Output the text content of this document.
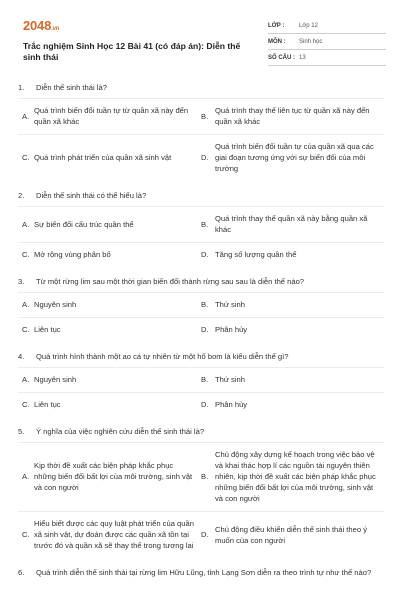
2048.vn
Trắc nghiệm Sinh Học 12 Bài 41 (có đáp án): Diễn thế sinh thái
LỚP :	Lớp 12
MÔN :	Sinh học
SỐ CÂU : 13
1.	Diễn thế sinh thái là?
A.
Quá trình biến đổi tuần tự từ quần xã này đến quần xã khác
B.
Quá trình thay thế liên tục từ quần xã này đến quần xã khác
C. Quá trình phát triển của quần xã sinh vật	D.
Quá trình biến đổi tuần tự của quần xã qua các giai đoạn tương ứng với sự biến đổi của môi trường
2.	Diễn thế sinh thái có thể hiểu là?
A. Sự biến đổi cấu trúc quần thể	B.
Quá trình thay thế quần xã này bằng quần xã khác
C. Mở rộng vùng phân bố	D. Tăng số lượng quần thể
3.	Từ một rừng lim sau một thời gian biến đổi thành rừng sau sau là diễn thế nào?
A. Nguyên sinh	B. Thứ sinh
C. Liên tục	D. Phân hủy
4.	Quá trình hình thành một ao cá tự nhiên từ một hố bom là kiểu diễn thế gì?
A. Nguyên sinh	B. Thứ sinh
C. Liên tục	D. Phân hủy
5.	Ý nghĩa của việc nghiên cứu diễn thế sinh thái là?
A.
Kịp thời đề xuất các biện pháp khắc phục những biến đổi bất lợi của môi trường, sinh vật và con người
B.
Chủ động xây dựng kế hoạch trong việc bảo vệ và khai thác hợp lí các nguồn tài nguyên thiên nhiên, kịp thời đề xuất các biện pháp khắc phục những biến đổi bất lợi của môi trường, sinh vật và con người
C.
Hiểu biết được các quy luật phát triển của quần xã sinh vật, dự đoán được các quần xã tồn tại trước đó và quần xã sẽ thay thế trong tương lai
D.
Chủ động điều khiển diễn thế sinh thái theo ý muốn của con người
6.	Quá trình diễn thế sinh thái tại rừng lim Hữu Lũng, tỉnh Lạng Sơn diễn ra theo trình tự như thế nào?
